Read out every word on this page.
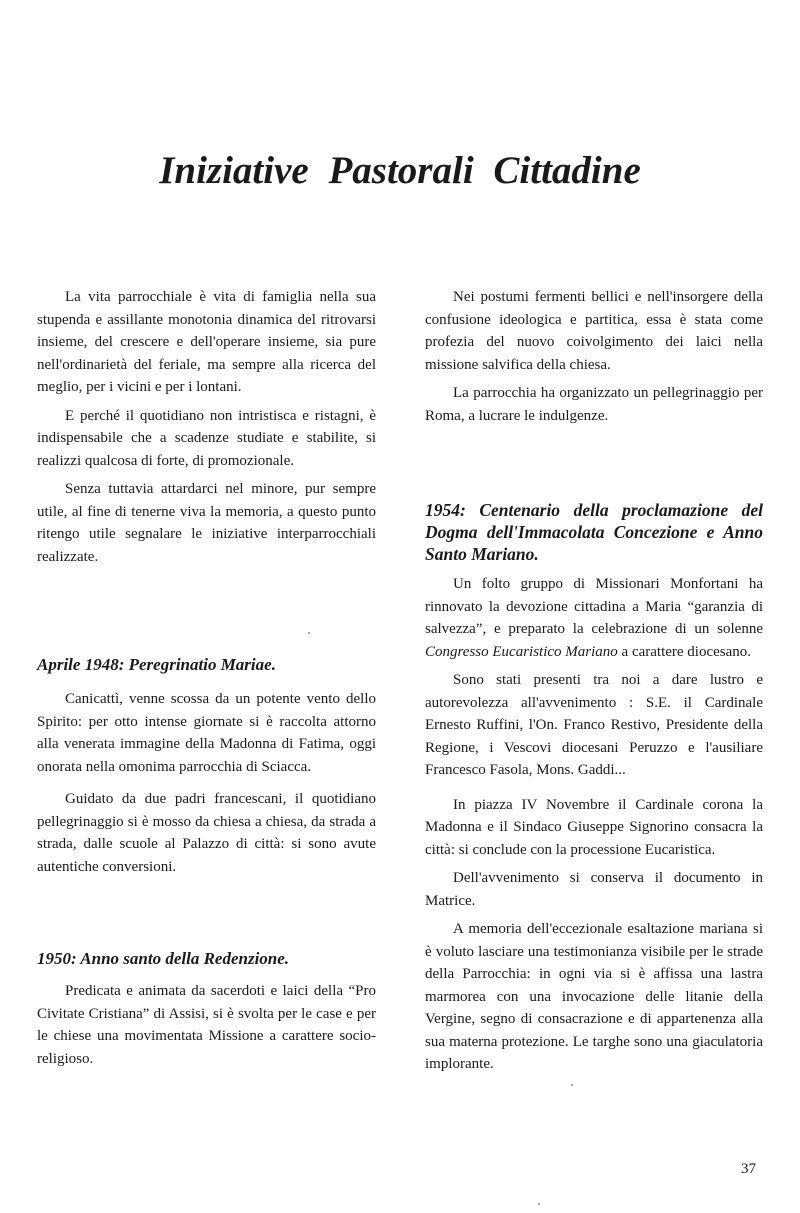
Iniziative Pastorali Cittadine

La vita parrocchiale è vita di famiglia nella sua stupenda e assillante monotonia dinamica del ritrovarsi insieme, del crescere e dell'operare insieme, sia pure nell'ordinarietà del feriale, ma sempre alla ricerca del meglio, per i vicini e per i lontani.

E perché il quotidiano non intristisca e ristagni, è indispensabile che a scadenze studiate e stabilite, si realizzi qualcosa di forte, di promozionale.

Senza tuttavia attardarci nel minore, pur sempre utile, al fine di tenerne viva la memoria, a questo punto ritengo utile segnalare le iniziative interparrocchiali realizzate.

Aprile 1948: Peregrinatio Mariae.

Canicattì, venne scossa da un potente vento dello Spirito: per otto intense giornate si è raccolta attorno alla venerata immagine della Madonna di Fatima, oggi onorata nella omonima parrocchia di Sciacca.

Guidato da due padri francescani, il quotidiano pellegrinaggio si è mosso da chiesa a chiesa, da strada a strada, dalle scuole al Palazzo di città: si sono avute autentiche conversioni.

1950: Anno santo della Redenzione.

Predicata e animata da sacerdoti e laici della “Pro Civitate Cristiana” di Assisi, si è svolta per le case e per le chiese una movimentata Missione a carattere socio-religioso.

Nei postumi fermenti bellici e nell'insorgere della confusione ideologica e partitica, essa è stata come profezia del nuovo coivolgimento dei laici nella missione salvifica della chiesa.

La parrocchia ha organizzato un pellegrinaggio per Roma, a lucrare le indulgenze.

1954: Centenario della proclamazione del Dogma dell'Immacolata Concezione e Anno Santo Mariano.

Un folto gruppo di Missionari Monfortani ha rinnovato la devozione cittadina a Maria “garanzia di salvezza”, e preparato la celebrazione di un solenne Congresso Eucaristico Mariano a carattere diocesano.

Sono stati presenti tra noi a dare lustro e autorevolezza all'avvenimento : S.E. il Cardinale Ernesto Ruffini, l'On. Franco Restivo, Presidente della Regione, i Vescovi diocesani Peruzzo e l'ausiliare Francesco Fasola, Mons. Gaddi...

In piazza IV Novembre il Cardinale corona la Madonna e il Sindaco Giuseppe Signorino consacra la città: si conclude con la processione Eucaristica.

Dell'avvenimento si conserva il documento in Matrice.

A memoria dell'eccezionale esaltazione mariana si è voluto lasciare una testimonianza visibile per le strade della Parrocchia: in ogni via si è affissa una lastra marmorea con una invocazione delle litanie della Vergine, segno di consacrazione e di appartenenza alla sua materna protezione. Le targhe sono una giaculatoria implorante.

37
